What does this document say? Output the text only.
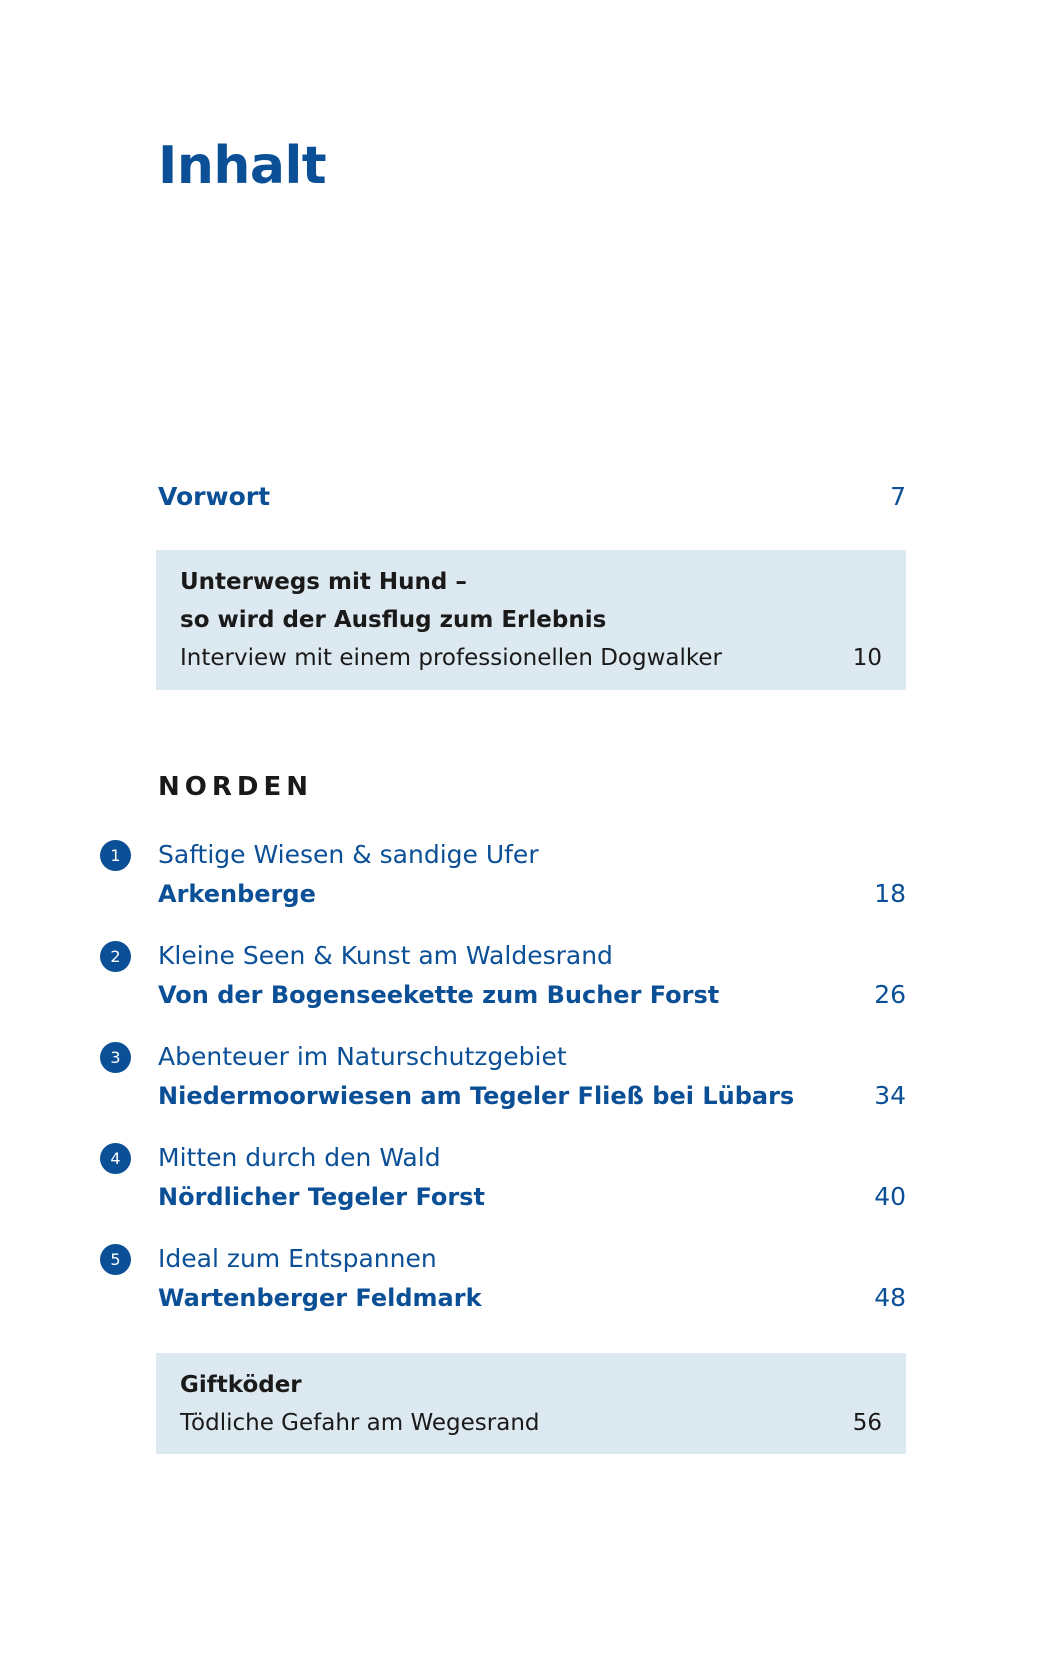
Inhalt
Vorwort	7
Unterwegs mit Hund –
so wird der Ausflug zum Erlebnis
Interview mit einem professionellen Dogwalker	10
NORDEN
1	Saftige Wiesen & sandige Ufer
Arkenberge	18
2	Kleine Seen & Kunst am Waldesrand
Von der Bogenseekette zum Bucher Forst	26
3	Abenteuer im Naturschutzgebiet
Niedermoorwiesen am Tegeler Fließ bei Lübars	34
4	Mitten durch den Wald
Nördlicher Tegeler Forst	40
5	Ideal zum Entspannen
Wartenberger Feldmark	48
Giftköder
Tödliche Gefahr am Wegesrand	56
